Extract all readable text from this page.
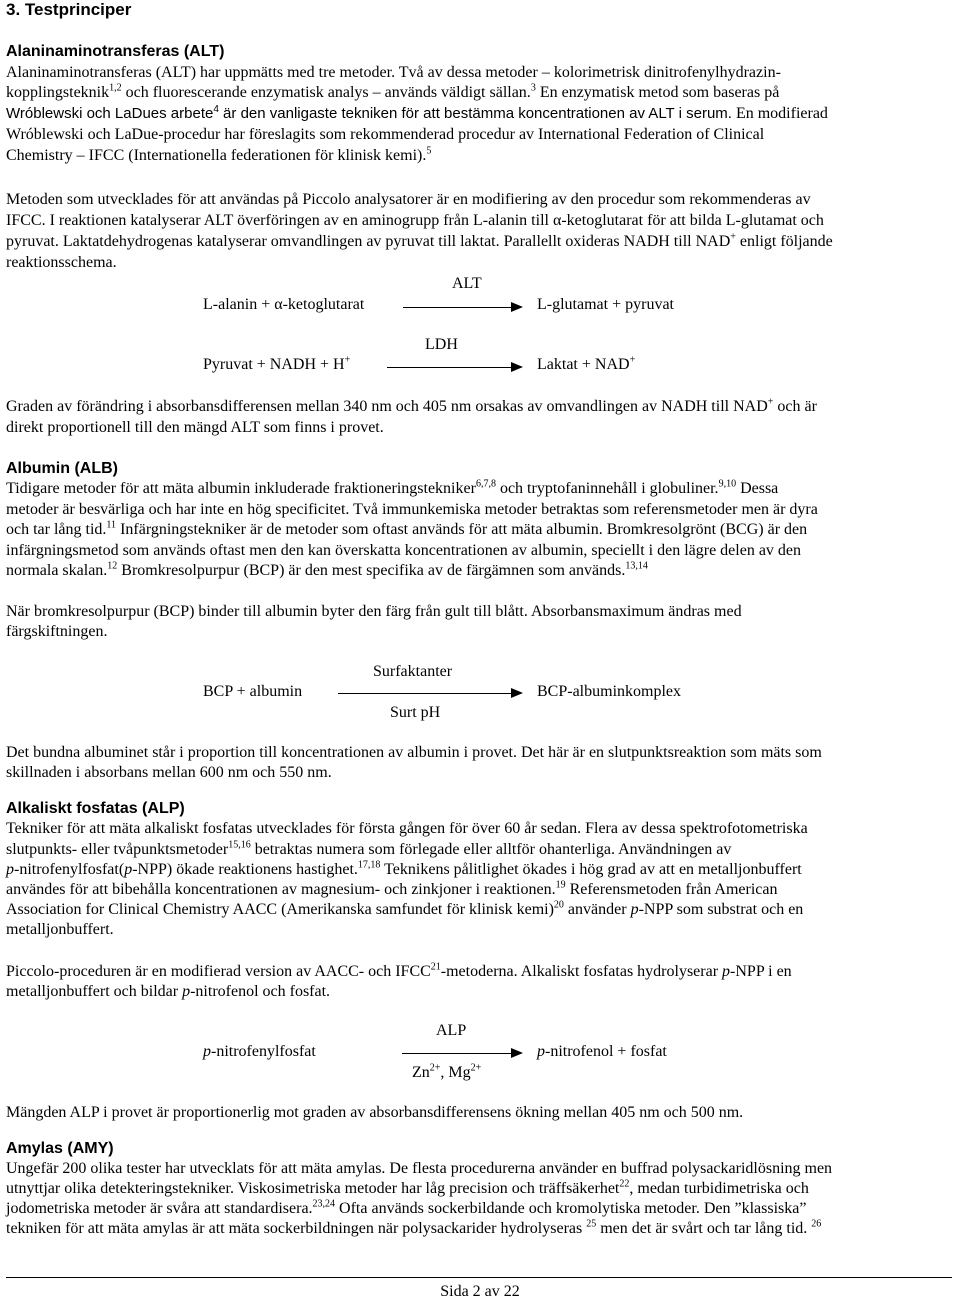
3. Testprinciper
Alaninaminotransferas (ALT)
Alaninaminotransferas (ALT) har uppmätts med tre metoder. Två av dessa metoder – kolorimetrisk dinitrofenylhydrazin-
kopplingsteknik$^{1,2}$ och fluorescerande enzymatisk analys – används väldigt sällan.$^3$ En enzymatisk metod som baseras på
Wróblewski och LaDues arbete$^4$ är den vanligaste tekniken för att bestämma koncentrationen av ALT i serum. En modifierad
Wróblewski och LaDue-procedur har föreslagits som rekommenderad procedur av International Federation of Clinical
Chemistry – IFCC (Internationella federationen för klinisk kemi).$^5$
Metoden som utvecklades för att användas på Piccolo analysatorer är en modifiering av den procedur som rekommenderas av
IFCC. I reaktionen katalyserar ALT överföringen av en aminogrupp från L-alanin till α-ketoglutarat för att bilda L-glutamat och
pyruvat. Laktatdehydrogenas katalyserar omvandlingen av pyruvat till laktat. Parallellt oxideras NADH till NAD+ enligt följande
reaktionsschema.
ALT
L-alanin + α-ketoglutarat	L-glutamat + pyruvat
LDH
Pyruvat + NADH + H+	Laktat + NAD+
Graden av förändring i absorbansdifferensen mellan 340 nm och 405 nm orsakas av omvandlingen av NADH till NAD+ och är
direkt proportionell till den mängd ALT som finns i provet.
Albumin (ALB)
Tidigare metoder för att mäta albumin inkluderade fraktioneringstekniker$^{6,7,8}$ och tryptofaninnehåll i globuliner.$^{9,10}$ Dessa
metoder är besvärliga och har inte en hög specificitet. Två immunkemiska metoder betraktas som referensmetoder men är dyra
och tar lång tid.$^{11}$ Infärgningstekniker är de metoder som oftast används för att mäta albumin. Bromkresolgrönt (BCG) är den
infärgningsmetod som används oftast men den kan överskatta koncentrationen av albumin, speciellt i den lägre delen av den
normala skalan.$^{12}$ Bromkresolpurpur (BCP) är den mest specifika av de färgämnen som används.$^{13,14}$
När bromkresolpurpur (BCP) binder till albumin byter den färg från gult till blått. Absorbansmaximum ändras med
färgskiftningen.
Surfaktanter
BCP + albumin	BCP-albuminkomplex
Surt pH
Det bundna albuminet står i proportion till koncentrationen av albumin i provet. Det här är en slutpunktsreaktion som mäts som
skillnaden i absorbans mellan 600 nm och 550 nm.
Alkaliskt fosfatas (ALP)
Tekniker för att mäta alkaliskt fosfatas utvecklades för första gången för över 60 år sedan. Flera av dessa spektrofotometriska
slutpunkts- eller tvåpunktsmetoder$^{15,16}$ betraktas numera som förlegade eller alltför ohanterliga. Användningen av
p-nitrofenylfosfat(p-NPP) ökade reaktionens hastighet.$^{17,18}$ Teknikens pålitlighet ökades i hög grad av att en metalljonbuffert
användes för att bibehålla koncentrationen av magnesium- och zinkjoner i reaktionen.$^{19}$ Referensmetoden från American
Association for Clinical Chemistry AACC (Amerikanska samfundet för klinisk kemi)$^{20}$ använder p-NPP som substrat och en
metalljonbuffert.
Piccolo-proceduren är en modifierad version av AACC- och IFCC$^{21}$-metoderna. Alkaliskt fosfatas hydrolyserar p-NPP i en
metalljonbuffert och bildar p-nitrofenol och fosfat.
ALP
p-nitrofenylfosfat	p-nitrofenol + fosfat
$Zn^{2+}$, $Mg^{2+}$
Mängden ALP i provet är proportionerlig mot graden av absorbansdifferensens ökning mellan 405 nm och 500 nm.
Amylas (AMY)
Ungefär 200 olika tester har utvecklats för att mäta amylas. De flesta procedurerna använder en buffrad polysackaridlösning men
utnyttjar olika detekteringstekniker. Viskosimetriska metoder har låg precision och träffsäkerhet$^{22}$, medan turbidimetriska och
jodometriska metoder är svåra att standardisera.$^{23,24}$ Ofta används sockerbildande och kromolytiska metoder. Den ”klassiska”
tekniken för att mäta amylas är att mäta sockerbildningen när polysackarider hydrolyseras $^{25}$ men det är svårt och tar lång tid. $^{26}$
Sida 2 av 22
